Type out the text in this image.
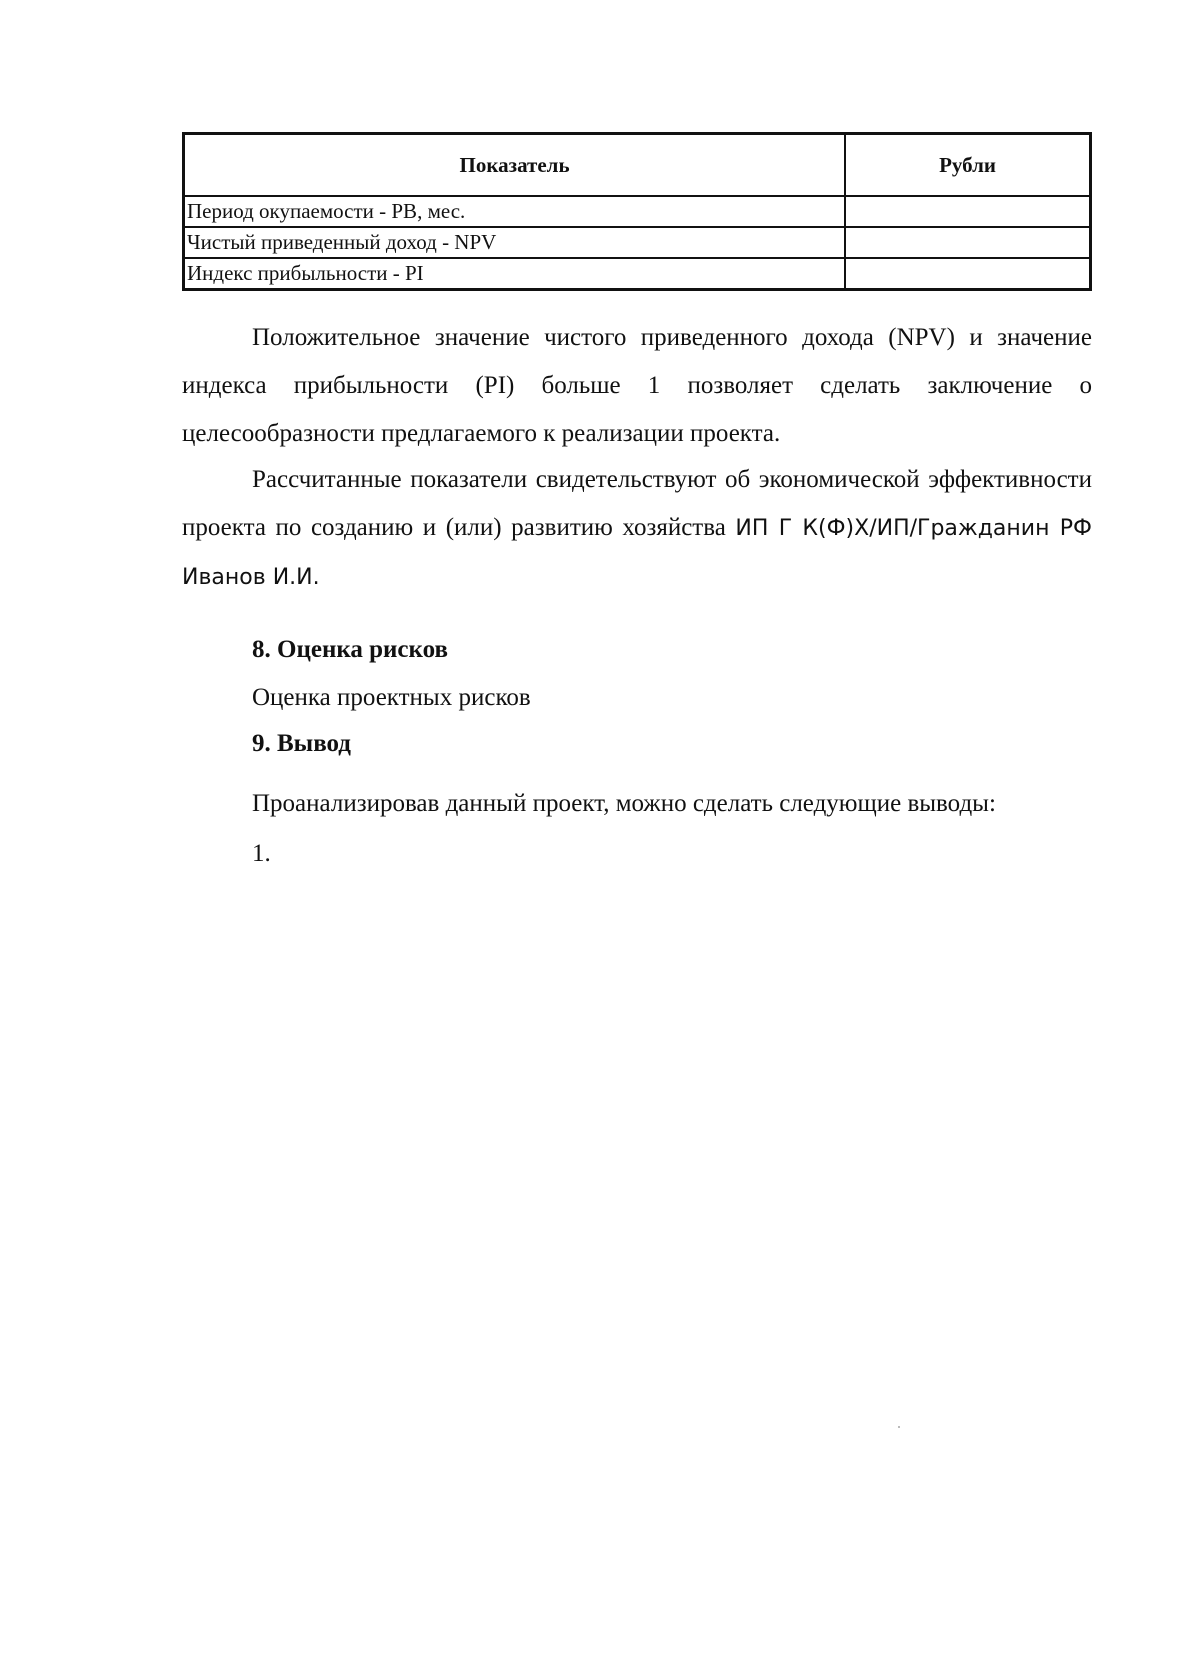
Показатель	Рубли
Период окупаемости - PB, мес.	
Чистый приведенный доход - NPV	
Индекс прибыльности - PI	

Положительное значение чистого приведенного дохода (NPV) и значение индекса прибыльности (PI) больше 1 позволяет сделать заключение о целесообразности предлагаемого к реализации проекта.

Рассчитанные показатели свидетельствуют об экономической эффективности проекта по созданию и (или) развитию хозяйства ИП Г К(Ф)Х/ИП/Гражданин РФ Иванов И.И.

8. Оценка рисков

Оценка проектных рисков

9. Вывод

Проанализировав данный проект, можно сделать следующие выводы:

1.
